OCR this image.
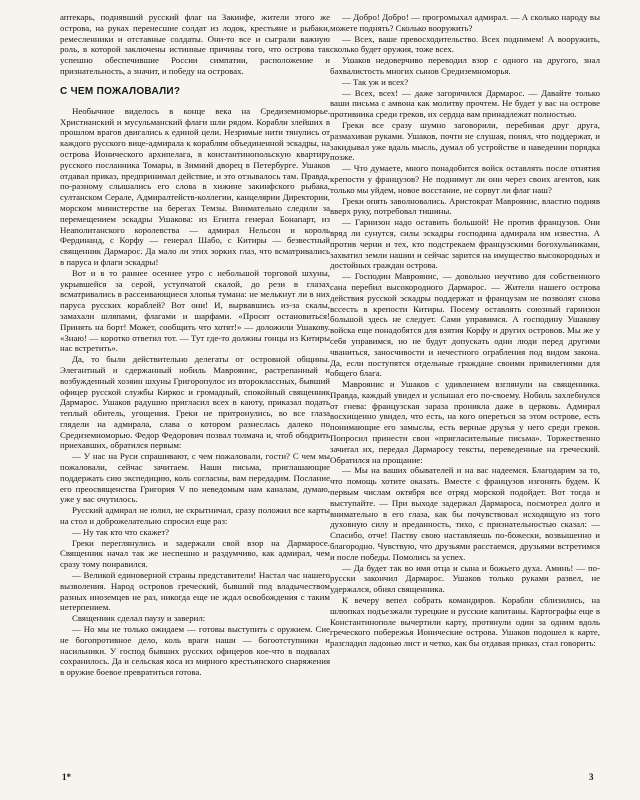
аптекарь, поднявший русский флаг на Закинфе, жители этого же острова, на руках перенесшие солдат из лодок, крестьяне и рыбаки, ремесленники и отставные солдаты. Они-то все и сыграли важную роль, в которой заключены истинные причины того, что острова так успешно обеспечившие России симпатии, расположение и признательность, а значит, и победу на островах.

С ЧЕМ ПОЖАЛОВАЛИ?

Необычное виделось в конце века на Средиземноморье. Христианский и мусульманский флаги шли рядом. Корабли злейших в прошлом врагов двигались к единой цели. Незримые нити тянулись от каждого русского вице-адмирала к кораблям объединенной эскадры, на острова Ионического архипелага, в константинопольскую квартиру русского посланника Томары, в Зимний дворец в Петербурге. Ушаков отдавал приказ, предпринимал действие, и это отзывалось там. Правда, по-разному слышались его слова в хижине закинфского рыбака, султанском Серале, Адмиралтейств-коллегии, канцелярии Директории, морском министерстве на берегах Темзы. Внимательно следили за перемещением эскадры Ушакова: из Египта генерал Бонапарт, из Неаполитанского королевства — адмирал Нельсон и король Фердинанд, с Корфу — генерал Шабо, с Китиры — безвестный священник Дармарос. Да мало ли этих зорких глаз, что всматривались в паруса и флаги эскадры!

Вот и в то раннее осеннее утро с небольшой торговой шхуны, укрывшейся за серой, уступчатой скалой, до рези в глазах всматривались в рассеивающиеся хлопья тумана: не мелькнут ли в них паруса русских кораблей? Вот они! И, вырвавшись из-за скалы, замахали шляпами, флагами и шарфами. «Просят остановиться! Принять на борт! Может, сообщить что хотят!» — доложили Ушакову. «Знаю! — коротко ответил тот. — Тут где-то должны гонцы из Китиры нас встретить».

Да, то были действительно делегаты от островной общины. Элегантный и сдержанный нобиль Мавроянис, растрепанный и возбужденный хозяин шхуны Григоропулос из второклассных, бывший офицер русской службы Киркос и громадный, спокойный священник Дармарос. Ушаков радушно пригласил всех в каюту, приказал подать теплый обитель, угощения. Греки не притронулись, во все глаза глядели на адмирала, слава о котором разнеслась далеко по Средиземноморью. Федор Федорович позвал толмача и, чтоб ободрить приехавших, обратился первым:

— У нас на Руси спрашивают, с чем пожаловали, гости? С чем мы пожаловали, сейчас зачитаем. Наши письма, приглашающие поддержать сию экспедицию, коль согласны, вам передадим. Послание его преосвященства Григория V по неведомым нам каналам, думаю, уже у вас очутилось.

Русский адмирал не юлил, не скрытничал, сразу положил все карты на стол и доброжелательно спросил еще раз:

— Ну так кто что скажет?

Греки переглянулись и задержали свой взор на Дармаросе. Священник начал так же неспешно и раздумчиво, как адмирал, чем сразу тому понравился.

— Великой единоверной страны представители! Настал час нашего вызволения. Народ островов греческий, бывший под владычеством разных иноземцев не раз, никогда еще не ждал освобождения с таким нетерпением.

Священник сделал паузу и заверил:

— Но мы не только ожидаем — готовы выступить с оружием. Сие не богопротивное дело, коль враги наши — богоотступники и насильники. У господ бывших русских офицеров кое-что в подвалах сохранилось. Да и сельская коса из мирного крестьянского снаряжения в оружие боевое превратиться готова.

— Добро! Добро! — прогромыхал адмирал. — А сколько народу вы можете поднять? Сколько вооружить?

— Всех, ваше превосходительство. Всех поднимем! А вооружить, сколько будет оружия, тоже всех.

Ушаков недоверчиво переводил взор с одного на другого, знал бахвалистость многих сынов Средиземноморья.

— Так уж и всех?

— Всех, всех! — даже загорячился Дармарос. — Давайте только ваши письма с амвона как молитву прочтем. Не будет у вас на острове противника среди греков, их сердца вам принадлежат полностью.

Греки все сразу шумно заговорили, перебивая друг друга, размахивая руками. Ушаков, почти не слушая, понял, что поддержат, и закидывал уже вдаль мысль, думал об устройстве и наведении порядка позже.

— Что думаете, много понадобится войск оставлять после отнятия крепости у французов? Не поднимут ли они через своих агентов, как только мы уйдем, новое восстание, не сорвут ли флаг наш?

Греки опять заволновались. Аристократ Мавроянис, властно подняв вверх руку, потребовал тишины.

— Гарнизон надо оставить большой! Не против французов. Они вряд ли сунутся, силы эскадры господина адмирала им известна. А против черни и тех, кто подстрекаем французскими богохульниками, захватил земли нашии и сейчас зарится на имущество высокородных и достойных граждан острова.

— Господин Мавроянис, — довольно неучтиво для собственного сана перебил высокородного Дармароc. — Жители нашего острова действия русской эскадры поддержат и французам не позволят снова вссесть в крепости Китиры. Посему оставлять союзный гарнизон большой здесь не следует. Сами управимся. А господину Ушакову войска еще понадобятся для взятия Корфу и других островов. Мы же у себя управимся, но не будут допускать одни люди перед другими чваниться, заносчивости и нечестного ограбления под видом закона. Да, если поступятся отдельные граждане своими привилегиями для общего блага.

Мавроянис и Ушаков с удивлением взглянули на священника. Правда, каждый увидел и услышал его по-своему. Нобиль захлебнулся от гнева: французская зараза проникла даже в церковь. Адмирал восхищенно увидел, что есть, на кого опереться за этом острове, есть понимающие его замыслы, есть верные друзья у него среди греков. Попросил принести свои «пригласительные письма». Торжественно зачитал их, передал Дармаросу тексты, переведенные на греческий. Обратился на прощание:

— Мы на ваших обывателей и на вас надеемся. Благодарим за то, что помощь хотите оказать. Вместе с французов изгонять будем. К первым числам октября все отряд морской подойдет. Вот тогда и выступайте. — При выходе задержал Дармароса, посмотрел долго и внимательно в его глаза, как бы почувствовал исходящую из того духовную силу и преданность, тихо, с признательностью сказал: — Спасибо, отче! Паству свою наставляешь по-божески, возвышенно и благородно. Чувствую, что друзьями расстаемся, друзьями встретимся и после победы. Помолись за успех.

— Да будет так во имя отца и сына и божьего духа. Аминь! — по-русски закончил Дармарос. Ушаков только руками развел, не удержался, обнял священника.

К вечеру вепел собрать командиров. Корабли сблизились, на шлюпках подъезжали турецкие и русские капитаны. Картографы еще в Константинополе вычертили карту, протянули один за одним вдоль греческого побережья Ионические острова. Ушаков подошел к карте, разгладил ладонью лист и четко, как бы отдавая приказ, стал говорить:

1*	3
